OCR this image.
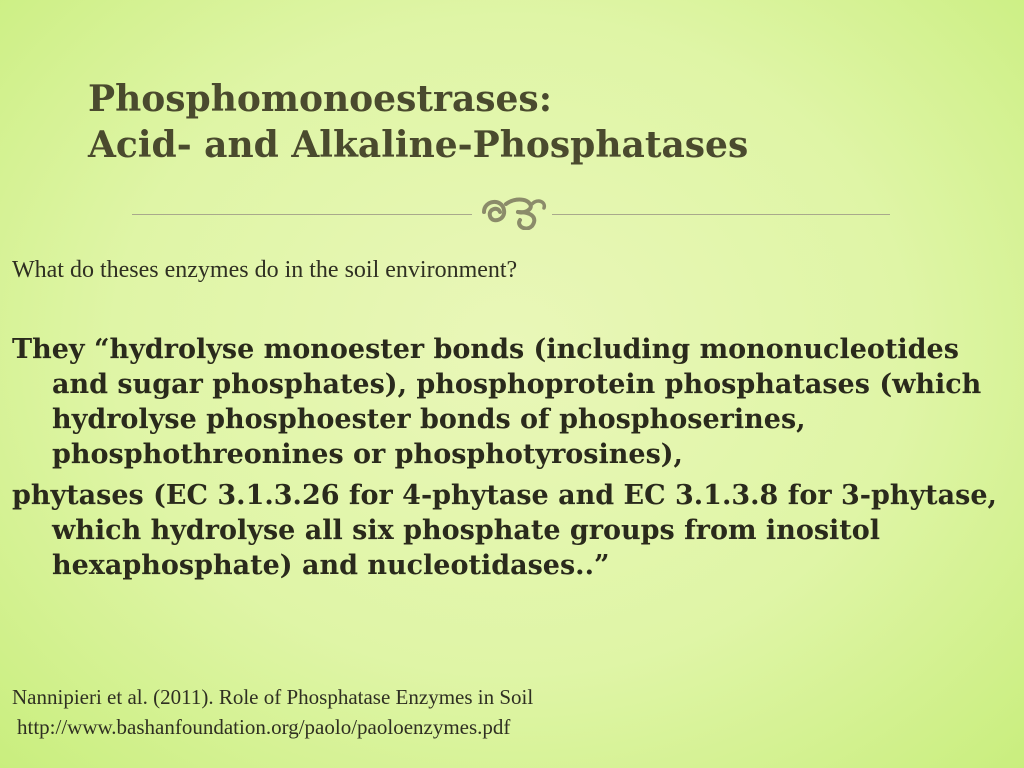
Phosphomonoestrases:
Acid- and Alkaline-Phosphatases
What do theses enzymes do in the soil environment?

They “hydrolyse monoester bonds (including mononucleotides and sugar phosphates), phosphoprotein phosphatases (which hydrolyse phosphoester bonds of phosphoserines, phosphothreonines or phosphotyrosines),

phytases (EC 3.1.3.26 for 4-phytase and EC 3.1.3.8 for 3-phytase, which hydrolyse all six phosphate groups from inositol hexaphosphate) and nucleotidases..”

Nannipieri et al. (2011). Role of Phosphatase Enzymes in Soil
http://www.bashanfoundation.org/paolo/paoloenzymes.pdf
